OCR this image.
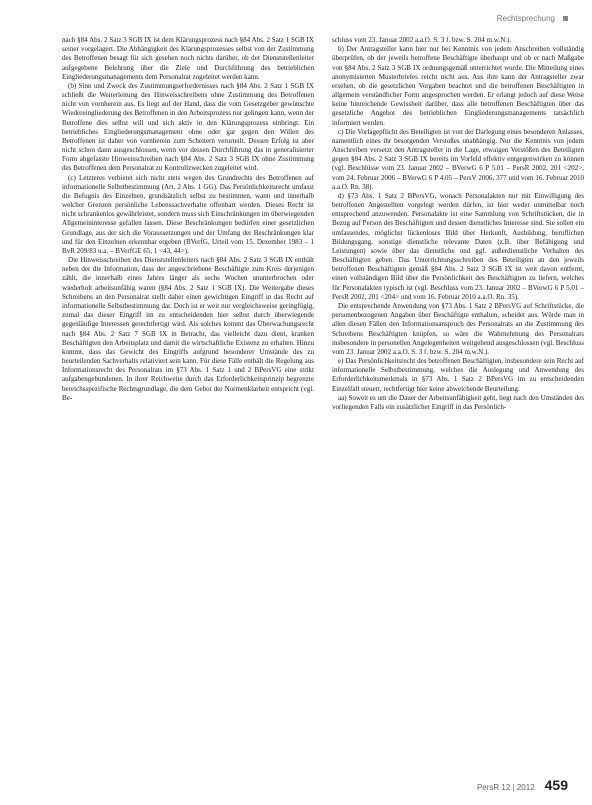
Rechtsprechung

nach §84 Abs. 2 Satz 3 SGB IX ist dem Klärungsprozess nach §84 Abs. 2 Satz 1 SGB IX seiner vorgelagert. Die Abhängigkeit des Klärungsprozesses selbst von der Zustimmung des Betroffenen besagt für sich gesehen noch nichts darüber, ob der Dienststellenleiter aufgegebene Belehrung über die Ziele und Durchführung des betrieblichen Eingliederungsmanagements dem Personalrat zugeleitet werden kann.

(b) Sinn und Zweck des Zustimmungserfordernisses nach §84 Abs. 2 Satz 1 SGB IX schließt die Weiterleitung des Hinweisschreibens ohne Zustimmung des Betroffenen nicht von vornherein aus. Es liegt auf der Hand, dass die vom Gesetzgeber gewünschte Wiedereingliederung des Betroffenen in den Arbeitsprozess nur gelingen kann, wenn der Betroffene dies selbst will und sich aktiv in den Klärungsprozess einbringt. Ein betriebliches Eingliederungsmanagement ohne oder gar gegen den Willen des Betroffenen ist daher von vornherein zum Scheitern verurteilt. Dessen Erfolg ist aber nicht schon dann ausgeschlossen, wenn vor dessen Durchführung das in generalisierter Form abgefasste Hinweisschreiben nach §84 Abs. 2 Satz 3 SGB IX ohne Zustimmung des Betroffenen dem Personalrat zu Kontrollzwecken zugeleitet wird.

(c) Letzteres verbietet sich nicht stets wegen des Grundrechts des Betroffenen auf informationelle Selbstbestimmung (Art. 2 Abs. 1 GG). Das Persönlichkeitsrecht umfasst die Befugnis des Einzelnen, grundsätzlich selbst zu bestimmen, wann und innerhalb welcher Grenzen persönliche Lebenssachverhalte offenbart werden. Dieses Recht ist nicht schrankenlos gewährleistet, sondern muss sich Einschränkungen im überwiegenden Allgemeininteresse gefallen lassen. Diese Beschränkungen bedürfen einer gesetzlichen Grundlage, aus der sich die Voraussetzungen und der Umfang der Beschränkungen klar und für den Einzelnen erkennbar ergeben (BVerfG, Urteil vom 15. Dezember 1983 – 1 BvR 209/83 u.a. – BVerfGE 65, 1 <43, 44>).

Die Hinweisschreiben des Dienststellenleiters nach §84 Abs. 2 Satz 3 SGB IX enthält neben der die Information, dass der angeschriebene Beschäftigte zum Kreis derjenigen zählt, die innerhalb eines Jahres länger als sechs Wochen ununterbrochen oder wiederholt arbeitsunfähig waren (§84 Abs. 2 Satz 1 SGB IX). Die Weitergabe dieses Schreibens an den Personalrat stellt daher einen gewichtigen Eingriff in das Recht auf informationelle Selbstbestimmung dar. Doch ist er weit nur vergleichsweise geringfügig, zumal das dieser Eingriff im zu entscheidenden hier selbst durch überwiegende gegenläufige Interessen gerechtfertigt wird. Als solches kommt das Überwachungsrecht nach §84 Abs. 2 Satz 7 SGB IX in Betracht, das vielleicht dazu dient, kranken Beschäftigten den Arbeitsplatz und damit die wirtschaftliche Existenz zu erhalten. Hinzu kommt, dass das Gewicht des Eingriffs aufgrund besonderer Umstände des zu beurteilenden Sachverhalts relativiert sein kann. Für diese Fälle enthält die Regelung aus Informationsrecht des Personalrats im §73 Abs. 1 Satz 1 und 2 BPersVG eine strikt aufgabengebundenen. In ihrer Reichweite durch das Erforderlichkeitsprinzip begrenzte bereichsspezifische Rechtsgrundlage, die dem Gebot der Normenklarheit entspricht (vgl. Be-

schluss vom 23. Januar 2002 a.a.O. S. 3 f. bzw. S. 204 m.w.N.).

b) Der Antragsteller kann hier nur bei Kenntnis von jedem Anschreiben vollständig überprüfen, ob der jeweils betroffene Beschäftigte überhaupt und ob er nach Maßgabe von §84 Abs. 2 Satz 3 SGB IX ordnungsgemäß unterrichtet wurde. Die Mitteilung eines anonymisierten Musterbriefes reicht nicht aus. Aus ihm kann der Antragsteller zwar ersehen, ob die gesetzlichen Vorgaben beachtet und die betroffenen Beschäftigten in allgemein verständlicher Form angesprochen werden. Er erlangt jedoch auf diese Weise keine hinreichende Gewissheit darüber, dass alle betroffenen Beschäftigten über das gesetzliche Angebot des betrieblichen Eingliederungsmanagements tatsächlich informiert werden.

c) Die Vorlagepflicht des Beteiligten ist von der Darlegung eines besonderen Anlasses, namentlich eines ihr besorgenden Verstoßes unabhängig. Nur die Kenntnis von jedem Anschreiben versetzt den Antragsteller in die Lage, etwaigen Verstößen des Beteiligten gegen §84 Abs. 2 Satz 3 SGB IX bereits im Vorfeld effektiv entgegenwirken zu können (vgl. Beschlüsse vom 23. Januar 2002 – BVerwG 6 P 5.01 – PersR 2002, 201 <202>, vom 24. Februar 2006 – BVerwG 6 P 4.05 – PersV 2006, 377 und vom 16. Februar 2010 a.a.O. Rn. 38).

d) §73 Abs. 1 Satz 2 BPersVG, wonach Personalakten nur mit Einwilligung des betroffenen Angestellten vorgelegt werden dürfen, ist hier weder unmittelbar noch entsprechend anzuwenden. Personalakte ist eine Sammlung von Schriftstücken, die in Bezug auf Person des Beschäftigten und dessen dienstliches Interesse sind. Sie sollen ein umfassendes, möglichst lückenloses Bild über Herkunft, Ausbildung, beruflichen Bildungsgang, sonstige dienstliche relevante Daten (z.B. über Befähigung und Leistungen) sowie über das dienstliche und ggf. außerdienstliche Verhalten des Beschäftigten geben. Das Unterrichtungsschreiben des Beteiligten an den jeweils betroffenen Beschäftigten gemäß §84 Abs. 2 Satz 3 SGB IX ist weit davon entfernt, einen vollständigen Bild über die Persönlichkeit des Beschäftigten zu liefern, welches für Personalakten typisch ist (vgl. Beschluss vom 23. Januar 2002 – BVerwG 6 P 5.01 – PersR 2002, 201 <204> und vom 16. Februar 2010 a.a.O. Rn. 35).

Die entsprechende Anwendung von §73 Abs. 1 Satz 2 BPersVG auf Schriftstücke, die personenbezogenen Angaben über Beschäftigte enthalten, scheidet aus. Würde man in allen diesen Fällen den Informationsanspruch des Personalrats an die Zustimmung des Schreibens Beschäftigten knüpfen, so wäre die Wahrnehmung des Personalrats insbesondere in personellen Angelegenheiten weitgehend ausgeschlossen (vgl. Beschluss vom 23. Januar 2002 a.a.O. S. 3 f. bzw. S. 204 m.w.N.).

e) Das Persönlichkeitsrecht des betroffenen Beschäftigten, insbesondere sein Recht auf informationelle Selbstbestimmung, welches die Auslegung und Anwendung des Erforderlichkeitsmerkmals in §73 Abs. 1 Satz 2 BPersVG im zu entscheidenden Einzelfall steuert, rechtfertigt hier keine abweichende Beurteilung.

aa) Soweit es um die Dauer der Arbeitsunfähigkeit geht, liegt nach den Umständen des vorliegenden Falls ein zusätzlicher Eingriff in das Persönlich-

PersR 12 | 2012 459
